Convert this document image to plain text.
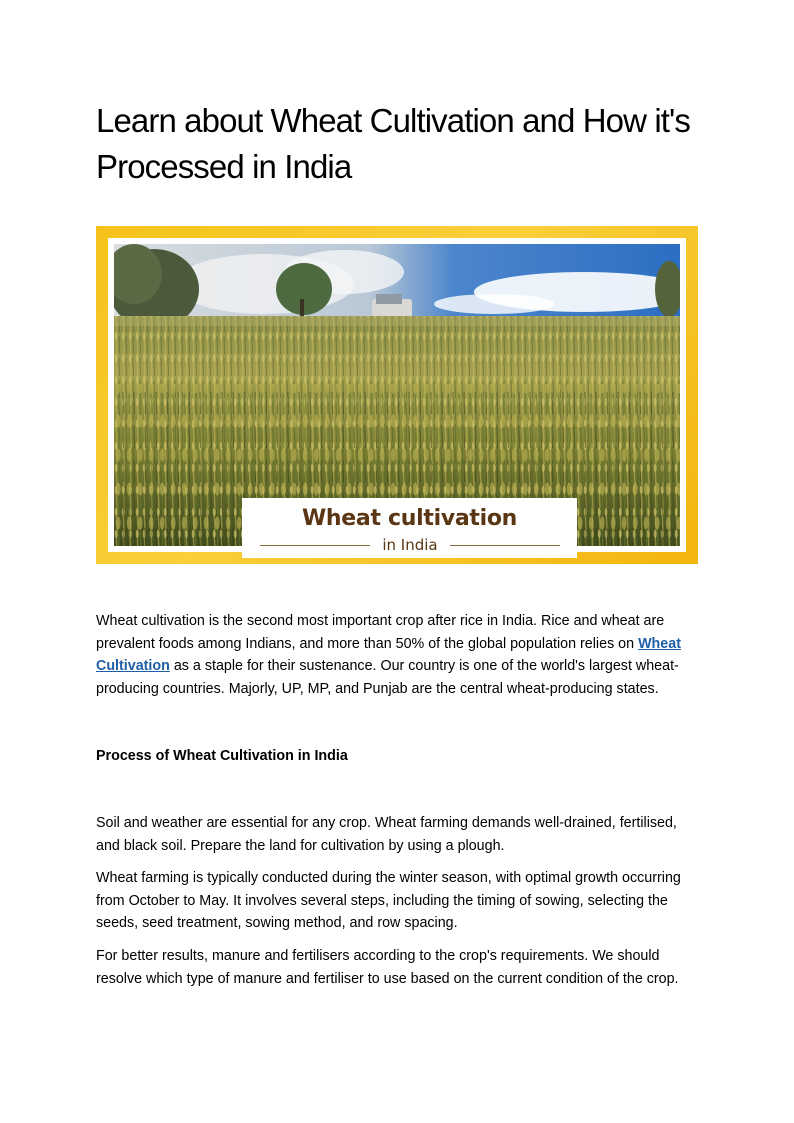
Learn about Wheat Cultivation and How it's Processed in India
Wheat cultivation
in India

Wheat cultivation is the second most important crop after rice in India. Rice and wheat are prevalent foods among Indians, and more than 50% of the global population relies on Wheat Cultivation as a staple for their sustenance. Our country is one of the world's largest wheat-producing countries. Majorly, UP, MP, and Punjab are the central wheat-producing states.

Process of Wheat Cultivation in India

Soil and weather are essential for any crop. Wheat farming demands well-drained, fertilised, and black soil. Prepare the land for cultivation by using a plough.

Wheat farming is typically conducted during the winter season, with optimal growth occurring from October to May. It involves several steps, including the timing of sowing, selecting the seeds, seed treatment, sowing method, and row spacing.

For better results, manure and fertilisers according to the crop's requirements. We should resolve which type of manure and fertiliser to use based on the current condition of the crop.
